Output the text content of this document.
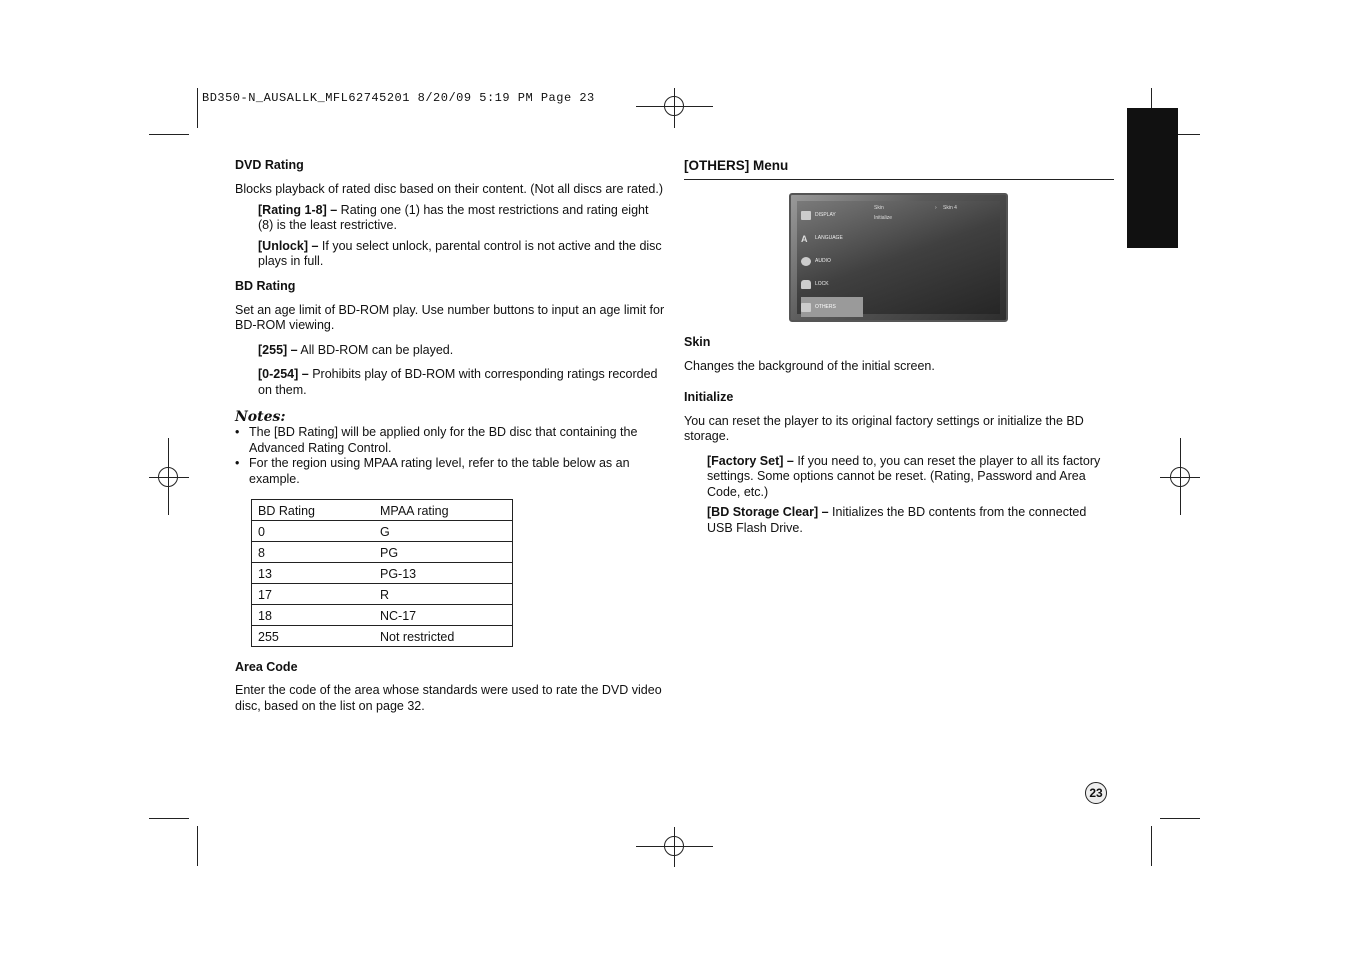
BD350-N_AUSALLK_MFL62745201 8/20/09 5:19 PM Page 23
DVD Rating
Blocks playback of rated disc based on their content. (Not all discs are rated.)
[Rating 1-8] – Rating one (1) has the most restrictions and rating eight (8) is the least restrictive.
[Unlock] – If you select unlock, parental control is not active and the disc plays in full.
BD Rating
Set an age limit of BD-ROM play. Use number buttons to input an age limit for BD-ROM viewing.
[255] – All BD-ROM can be played.
[0-254] – Prohibits play of BD-ROM with corresponding ratings recorded on them.
Notes:
• The [BD Rating] will be applied only for the BD disc that containing the Advanced Rating Control.
• For the region using MPAA rating level, refer to the table below as an example.
BD Rating	MPAA rating
0	G
8	PG
13	PG-13
17	R
18	NC-17
255	Not restricted
Area Code
Enter the code of the area whose standards were used to rate the DVD video disc, based on the list on page 32.
[OTHERS] Menu
DISPLAY
A	LANGUAGE
AUDIO
LOCK
OTHERS
Skin
Initialize
› Skin 4
Skin
Changes the background of the initial screen.
Initialize
You can reset the player to its original factory settings or initialize the BD storage.
[Factory Set] – If you need to, you can reset the player to all its factory settings. Some options cannot be reset. (Rating, Password and Area Code, etc.)
[BD Storage Clear] – Initializes the BD contents from the connected USB Flash Drive.
23
